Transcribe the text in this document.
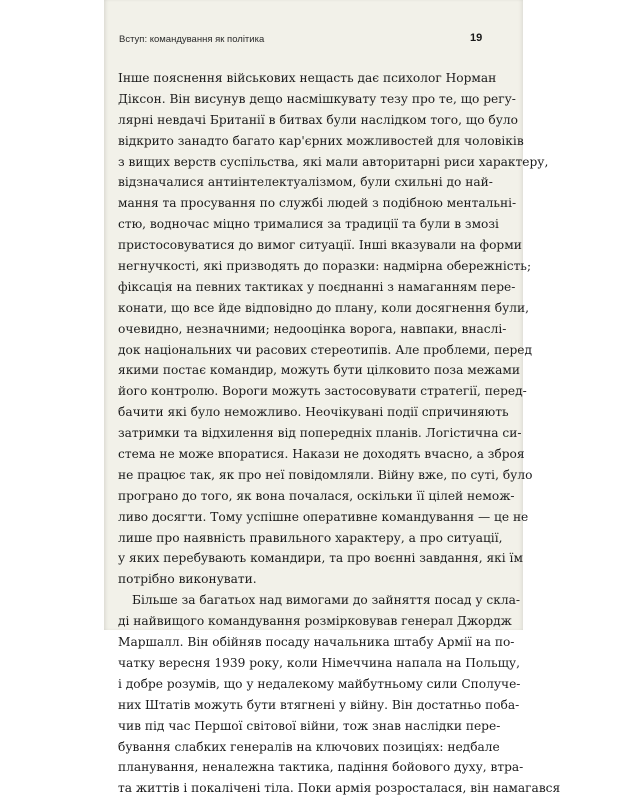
Вступ: командування як політика	19
Інше пояснення військових нещасть дає психолог Норман
Діксон. Він висунув дещо насмішкувату тезу про те, що регу-
лярні невдачі Британії в битвах були наслідком того, що було
відкрито занадто багато кар'єрних можливостей для чоловіків
з вищих верств суспільства, які мали авторитарні риси характеру,
відзначалися антиінтелектуалізмом, були схильні до най-
мання та просування по службі людей з подібною ментальні-
стю, водночас міцно трималися за традиції та були в змозі
пристосовуватися до вимог ситуації. Інші вказували на форми
негнучкості, які призводять до поразки: надмірна обережність;
фіксація на певних тактиках у поєднанні з намаганням пере-
конати, що все йде відповідно до плану, коли досягнення були,
очевидно, незначними; недооцінка ворога, навпаки, внаслі-
док національних чи расових стереотипів. Але проблеми, перед
якими постає командир, можуть бути цілковито поза межами
його контролю. Вороги можуть застосовувати стратегії, перед-
бачити які було неможливо. Неочікувані події спричиняють
затримки та відхилення від попередніх планів. Логістична си-
стема не може впоратися. Накази не доходять вчасно, а зброя
не працює так, як про неї повідомляли. Війну вже, по суті, було
програно до того, як вона почалася, оскільки її цілей немож-
ливо досягти. Тому успішне оперативне командування — це не
лише про наявність правильного характеру, а про ситуації,
у яких перебувають командири, та про воєнні завдання, які їм
потрібно виконувати.
Більше за багатьох над вимогами до зайняття посад у скла-
ді найвищого командування розмірковував генерал Джордж
Маршалл. Він обійняв посаду начальника штабу Армії на по-
чатку вересня 1939 року, коли Німеччина напала на Польщу,
і добре розумів, що у недалекому майбутньому сили Сполуче-
них Штатів можуть бути втягнені у війну. Він достатньо поба-
чив під час Першої світової війни, тож знав наслідки пере-
бування слабких генералів на ключових позиціях: недбале
планування, неналежна тактика, падіння бойового духу, втра-
та життів і покалічені тіла. Поки армія розросталася, він намагався
